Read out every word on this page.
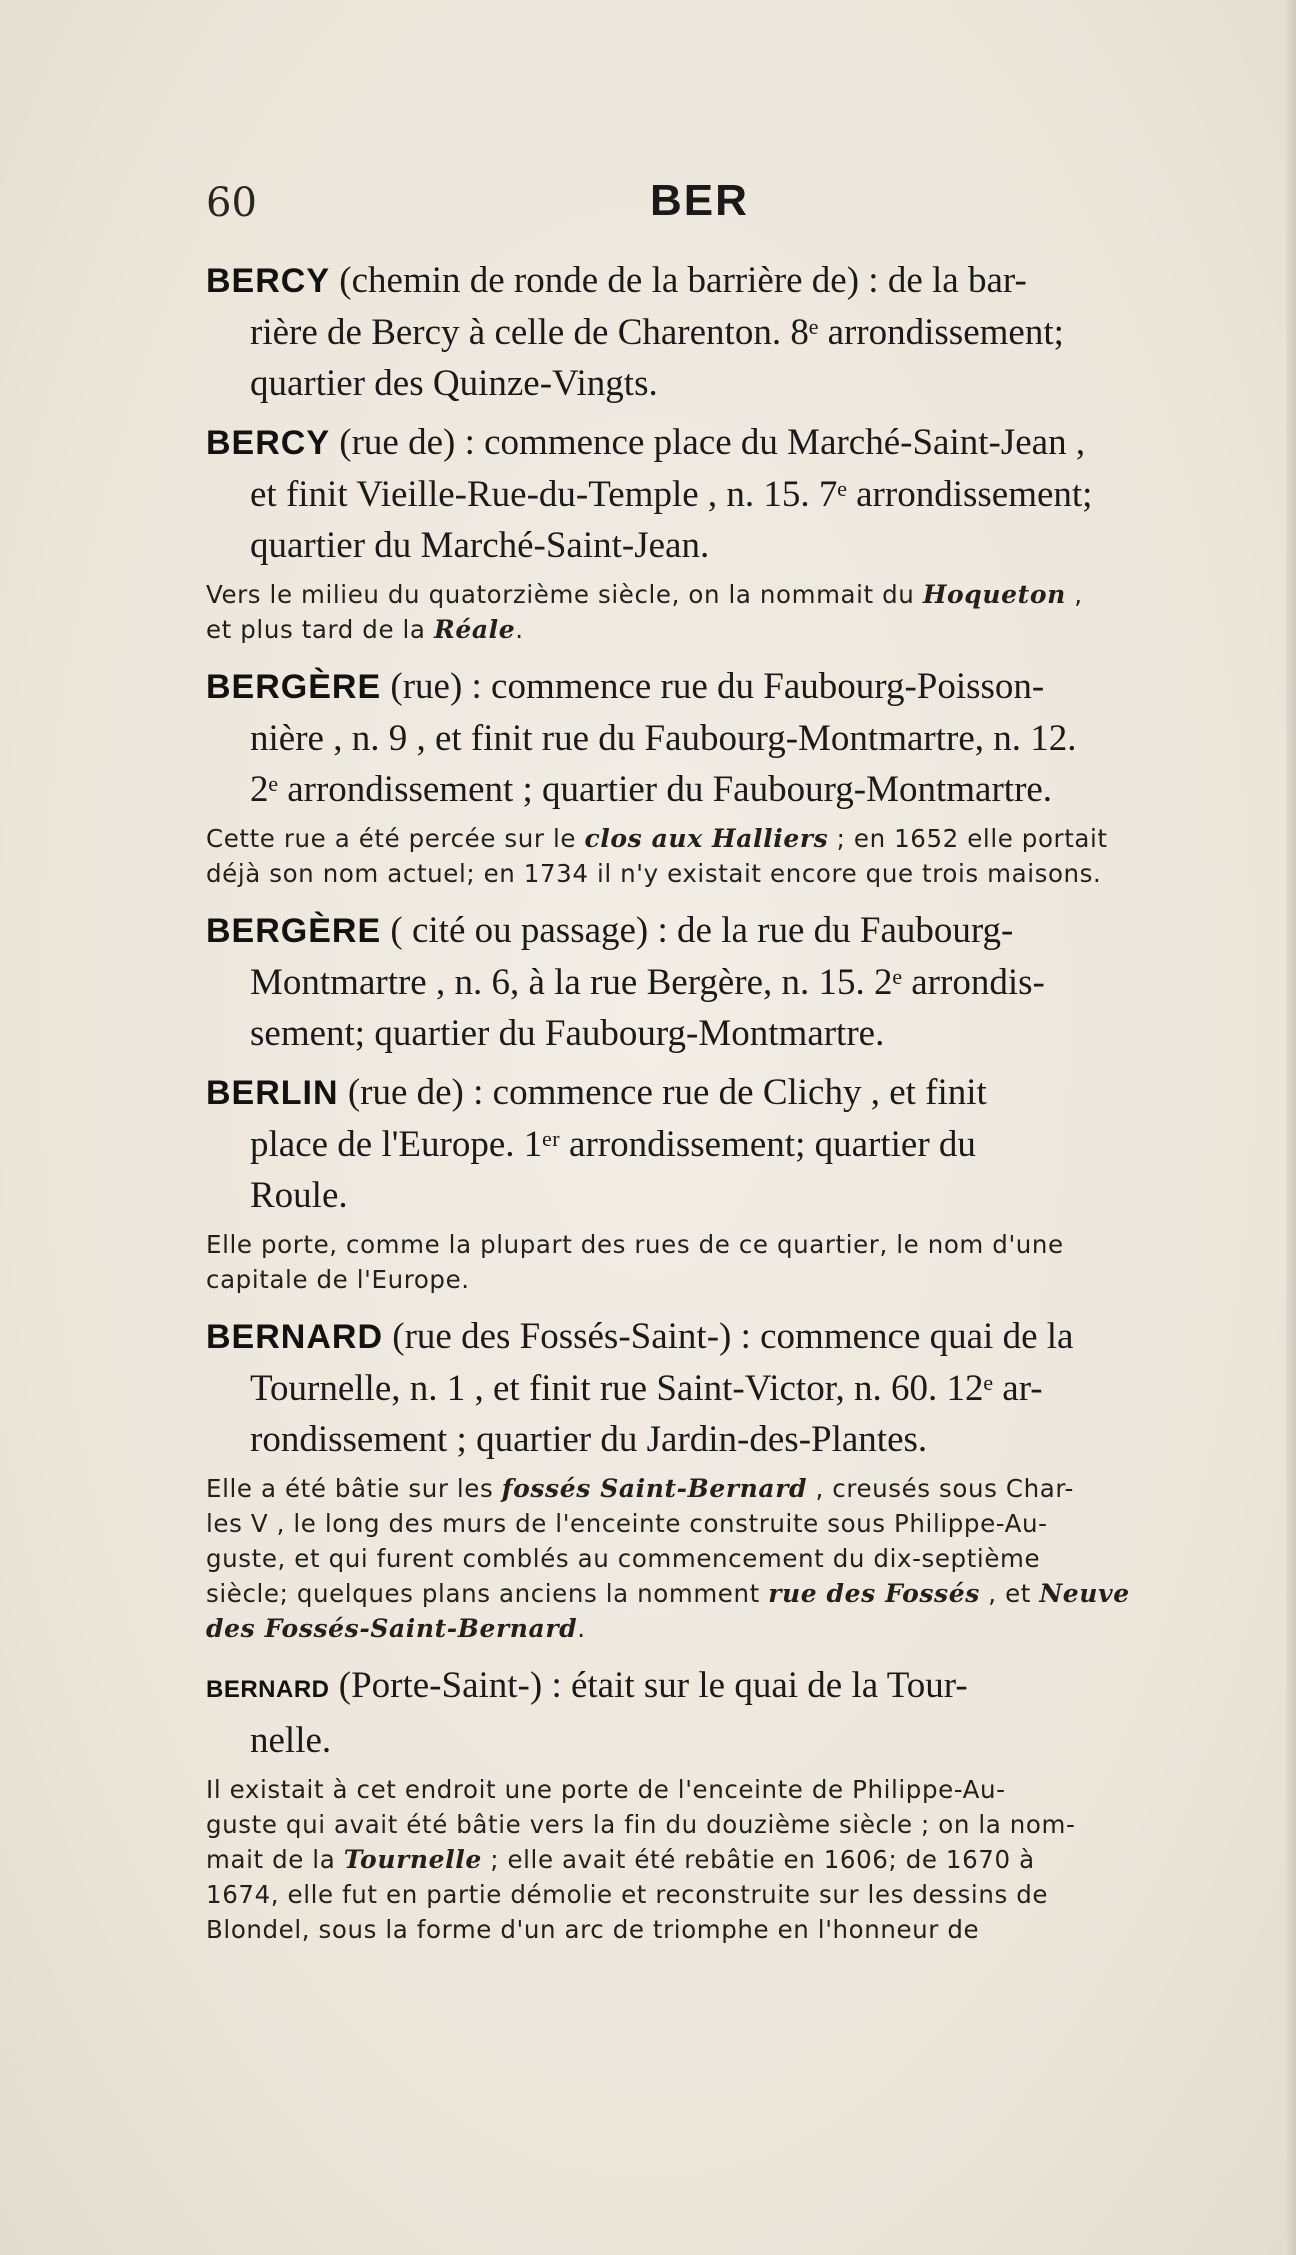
60	BER
BERCY (chemin de ronde de la barrière de) : de la bar-
rière de Bercy à celle de Charenton. 8ᵉ arrondissement;
quartier des Quinze-Vingts.
BERCY (rue de) : commence place du Marché-Saint-Jean ,
et finit Vieille-Rue-du-Temple , n. 15. 7ᵉ arrondissement;
quartier du Marché-Saint-Jean.
Vers le milieu du quatorzième siècle, on la nommait du Hoqueton ,
et plus tard de la Réale.
BERGÈRE (rue) : commence rue du Faubourg-Poisson-
nière , n. 9 , et finit rue du Faubourg-Montmartre, n. 12.
2ᵉ arrondissement ; quartier du Faubourg-Montmartre.
Cette rue a été percée sur le clos aux Halliers ; en 1652 elle portait
déjà son nom actuel; en 1734 il n'y existait encore que trois maisons.
BERGÈRE ( cité ou passage) : de la rue du Faubourg-
Montmartre , n. 6, à la rue Bergère, n. 15. 2ᵉ arrondis-
sement; quartier du Faubourg-Montmartre.
BERLIN (rue de) : commence rue de Clichy , et finit
place de l'Europe. 1ᵉʳ arrondissement; quartier du
Roule.
Elle porte, comme la plupart des rues de ce quartier, le nom d'une
capitale de l'Europe.
BERNARD (rue des Fossés-Saint-) : commence quai de la
Tournelle, n. 1 , et finit rue Saint-Victor, n. 60. 12ᵉ ar-
rondissement ; quartier du Jardin-des-Plantes.
Elle a été bâtie sur les fossés Saint-Bernard , creusés sous Char-
les V , le long des murs de l'enceinte construite sous Philippe-Au-
guste, et qui furent comblés au commencement du dix-septième
siècle; quelques plans anciens la nomment rue des Fossés , et Neuve
des Fossés-Saint-Bernard.
BERNARD (Porte-Saint-) : était sur le quai de la Tour-
nelle.
Il existait à cet endroit une porte de l'enceinte de Philippe-Au-
guste qui avait été bâtie vers la fin du douzième siècle ; on la nom-
mait de la Tournelle ; elle avait été rebâtie en 1606; de 1670 à
1674, elle fut en partie démolie et reconstruite sur les dessins de
Blondel, sous la forme d'un arc de triomphe en l'honneur de
